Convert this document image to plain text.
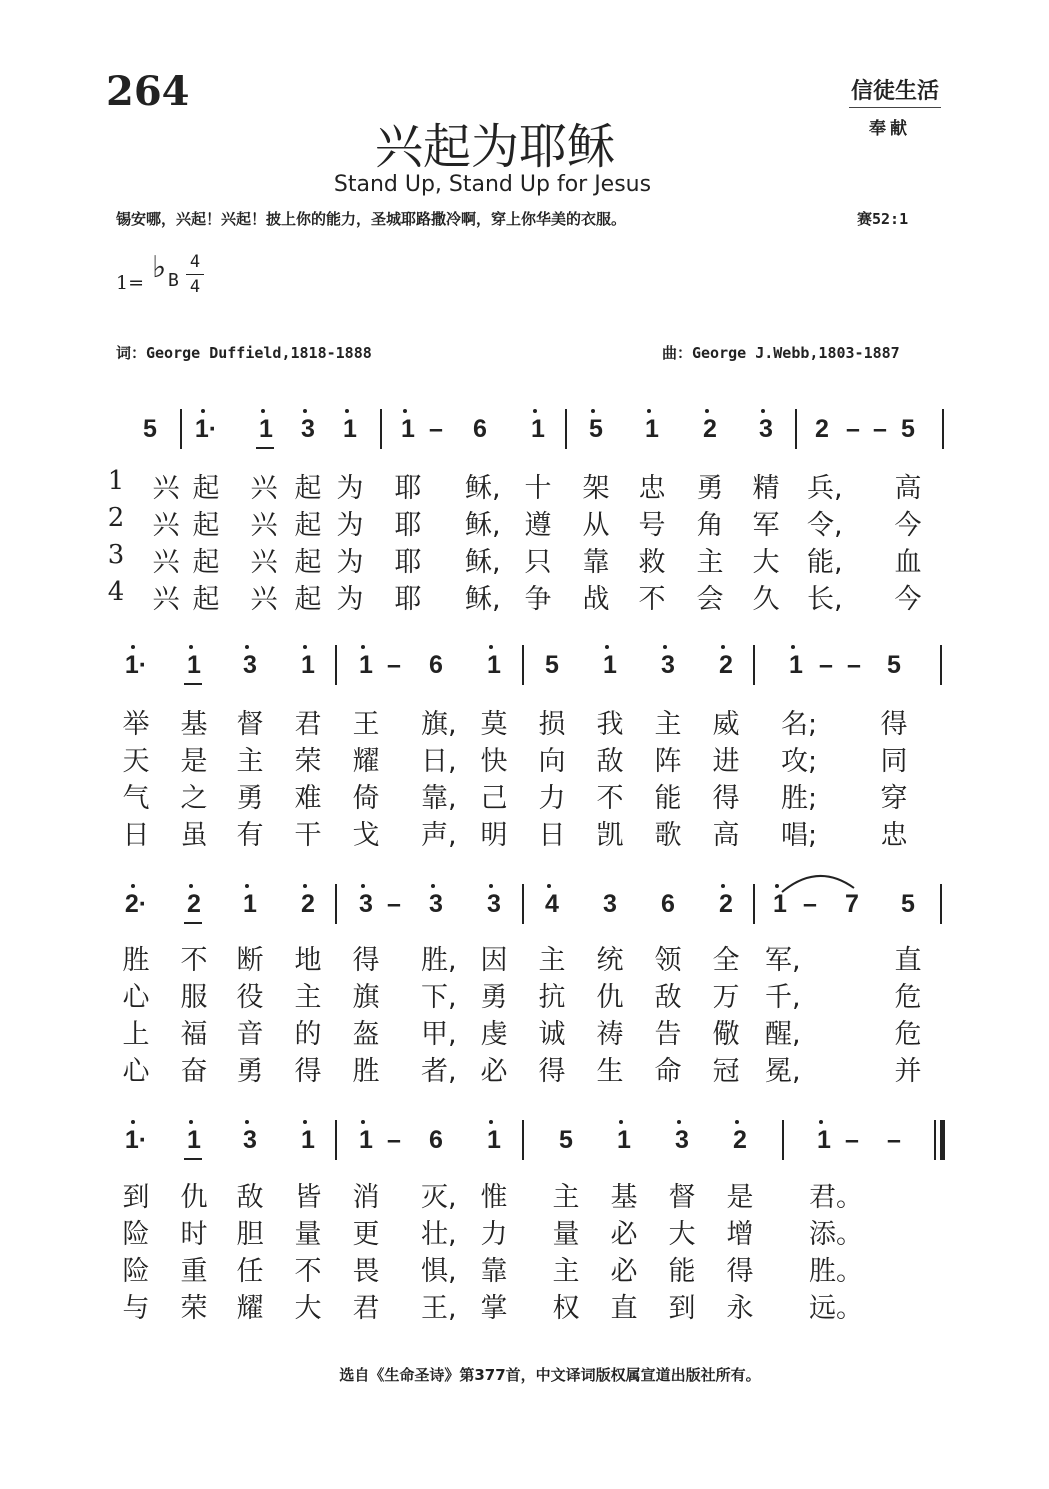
264	信徒生活
奉献
兴起为耶稣
Stand Up, Stand Up for Jesus
锡安哪，兴起！兴起！披上你的能力，圣城耶路撒冷啊，穿上你华美的衣服。	赛52:1
1= ♭ B
4
4
词：George Duffield,1818-1888	曲：George J.Webb,1803-1887
5	1·	1	3	1	1 –	6	1	5	1	2	3	2 – – 5
1 兴 起 兴 起 为 耶 稣, 十 架 忠 勇 精 兵, 高
2 兴 起 兴 起 为 耶 稣, 遵 从 号 角 军 令, 今
3 兴 起 兴 起 为 耶 稣, 只 靠 救 主 大 能, 血
4 兴 起 兴 起 为 耶 稣, 争 战 不 会 久 长, 今
1·	1	3	1	1 –	6	1	5	1	3	2	1 – –	5
举 基 督 君 王 旗, 莫 损 我 主 威 名; 得
天 是 主 荣 耀 日, 快 向 敌 阵 进 攻; 同
气 之 勇 难 倚 靠, 己 力 不 能 得 胜; 穿
日 虽 有 干 戈 声, 明 日 凯 歌 高 唱; 忠
2·	2	1	2	3 –	3	3	4	3	6	2	1 –	7	5
胜 不 断 地 得 胜, 因 主 统 领 全 军,	直
心 服 役 主 旗 下, 勇 抗 仇 敌 万 千,	危
上 福 音 的 盔 甲, 虔 诚 祷 告 儆 醒,	危
心 奋 勇 得 胜 者, 必 得 生 命 冠 冕,	并
1·	1	3	1	1 –	6	1	5	1	3	2	1 –	–
到 仇 敌 皆 消 灭, 惟 主 基 督 是 君。
险 时 胆 量 更 壮, 力 量 必 大 增 添。
险 重 任 不 畏 惧, 靠 主 必 能 得 胜。
与 荣 耀 大 君 王, 掌 权 直 到 永 远。
选自《生命圣诗》第377首，中文译词版权属宣道出版社所有。
